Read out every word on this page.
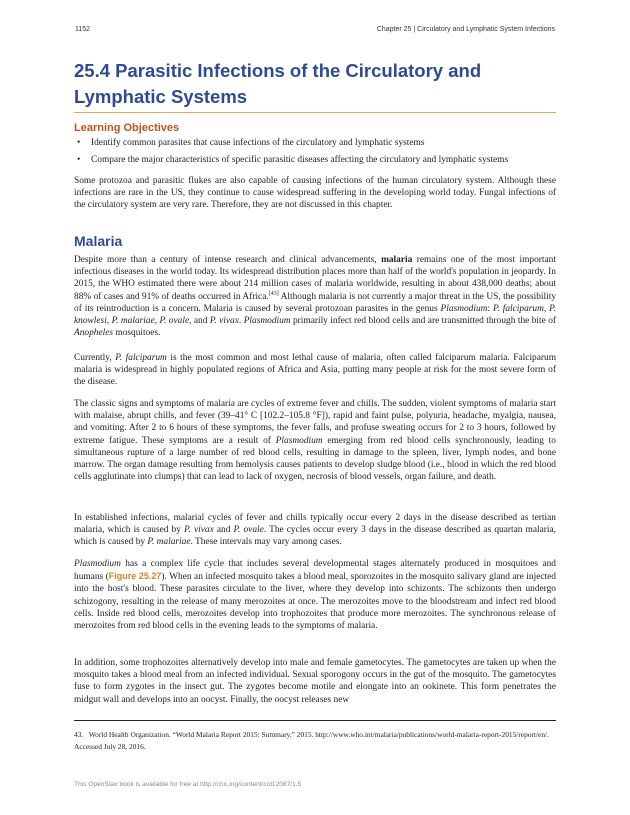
1152	Chapter 25 | Circulatory and Lymphatic System Infections
25.4 Parasitic Infections of the Circulatory and Lymphatic Systems
Learning Objectives
• Identify common parasites that cause infections of the circulatory and lymphatic systems
• Compare the major characteristics of specific parasitic diseases affecting the circulatory and lymphatic systems

Some protozoa and parasitic flukes are also capable of causing infections of the human circulatory system. Although these infections are rare in the US, they continue to cause widespread suffering in the developing world today. Fungal infections of the circulatory system are very rare. Therefore, they are not discussed in this chapter.

Malaria

Despite more than a century of intense research and clinical advancements, malaria remains one of the most important infectious diseases in the world today. Its widespread distribution places more than half of the world's population in jeopardy. In 2015, the WHO estimated there were about 214 million cases of malaria worldwide, resulting in about 438,000 deaths; about 88% of cases and 91% of deaths occurred in Africa.[43] Although malaria is not currently a major threat in the US, the possibility of its reintroduction is a concern. Malaria is caused by several protozoan parasites in the genus Plasmodium: P. falciparum, P. knowlesi, P. malariae, P. ovale, and P. vivax. Plasmodium primarily infect red blood cells and are transmitted through the bite of Anopheles mosquitoes.

Currently, P. falciparum is the most common and most lethal cause of malaria, often called falciparum malaria. Falciparum malaria is widespread in highly populated regions of Africa and Asia, putting many people at risk for the most severe form of the disease.

The classic signs and symptoms of malaria are cycles of extreme fever and chills. The sudden, violent symptoms of malaria start with malaise, abrupt chills, and fever (39–41° C [102.2–105.8 °F]), rapid and faint pulse, polyuria, headache, myalgia, nausea, and vomiting. After 2 to 6 hours of these symptoms, the fever falls, and profuse sweating occurs for 2 to 3 hours, followed by extreme fatigue. These symptoms are a result of Plasmodium emerging from red blood cells synchronously, leading to simultaneous rupture of a large number of red blood cells, resulting in damage to the spleen, liver, lymph nodes, and bone marrow. The organ damage resulting from hemolysis causes patients to develop sludge blood (i.e., blood in which the red blood cells agglutinate into clumps) that can lead to lack of oxygen, necrosis of blood vessels, organ failure, and death.

In established infections, malarial cycles of fever and chills typically occur every 2 days in the disease described as tertian malaria, which is caused by P. vivax and P. ovale. The cycles occur every 3 days in the disease described as quartan malaria, which is caused by P. malariae. These intervals may vary among cases.

Plasmodium has a complex life cycle that includes several developmental stages alternately produced in mosquitoes and humans (Figure 25.27). When an infected mosquito takes a blood meal, sporozoites in the mosquito salivary gland are injected into the host's blood. These parasites circulate to the liver, where they develop into schizonts. The schizonts then undergo schizogony, resulting in the release of many merozoites at once. The merozoites move to the bloodstream and infect red blood cells. Inside red blood cells, merozoites develop into trophozoites that produce more merozoites. The synchronous release of merozoites from red blood cells in the evening leads to the symptoms of malaria.

In addition, some trophozoites alternatively develop into male and female gametocytes. The gametocytes are taken up when the mosquito takes a blood meal from an infected individual. Sexual sporogony occurs in the gut of the mosquito. The gametocytes fuse to form zygotes in the insect gut. The zygotes become motile and elongate into an ookinete. This form penetrates the midgut wall and develops into an oocyst. Finally, the oocyst releases new

43. World Health Organization. “World Malaria Report 2015: Summary.” 2015. http://www.who.int/malaria/publications/world-malaria-report-2015/report/en/. Accessed July 28, 2016.

This OpenStax book is available for free at http://cnx.org/content/col12087/1.5
